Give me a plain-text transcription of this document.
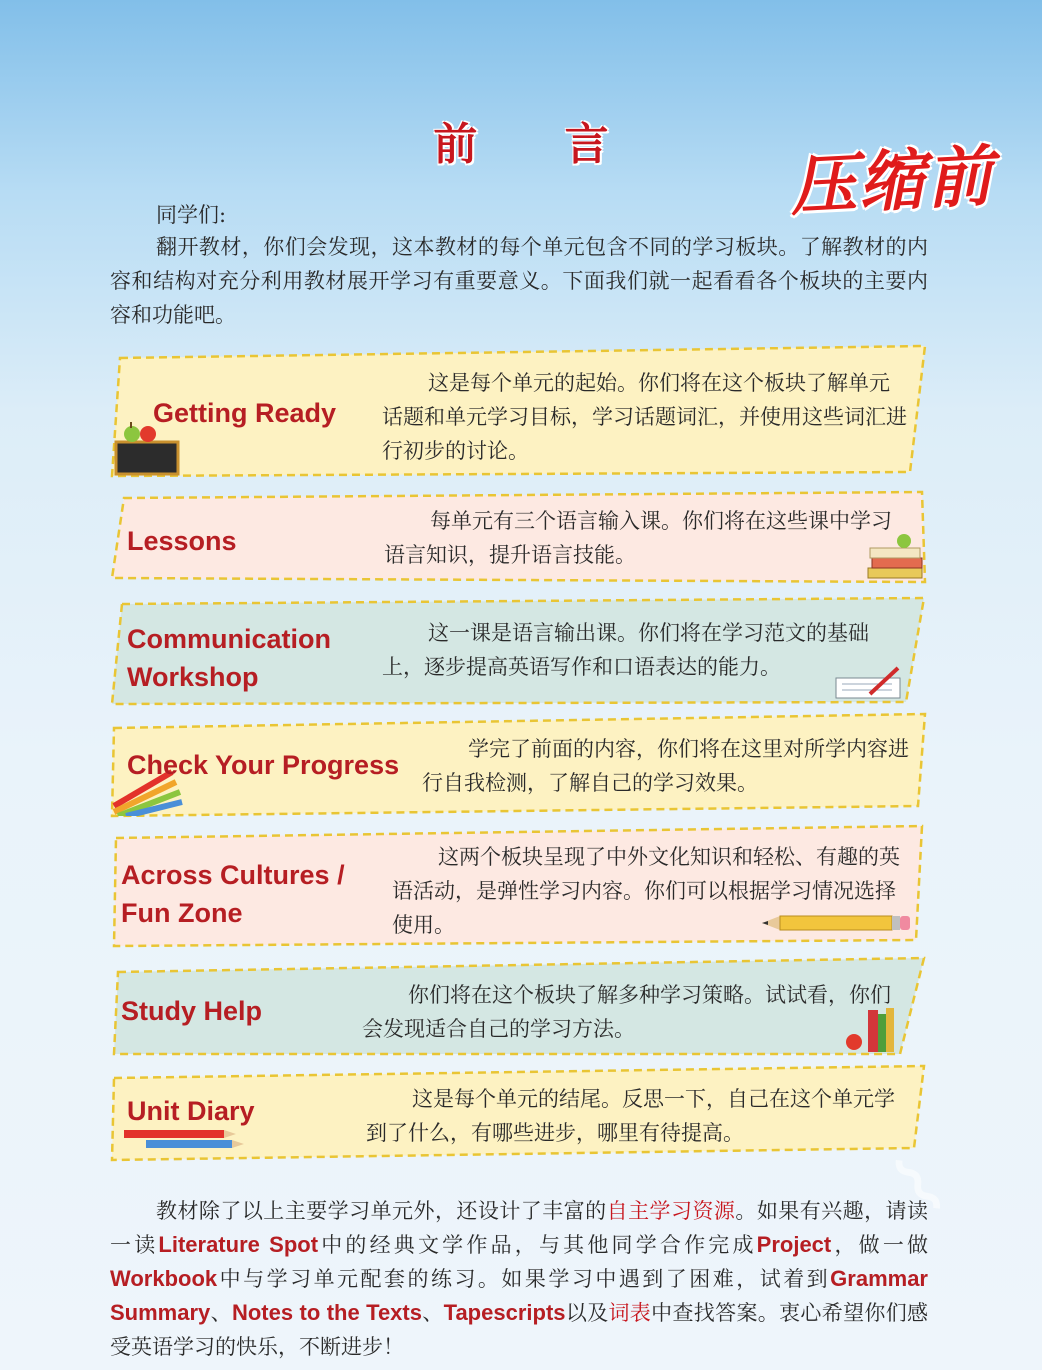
前 言	压缩前
同学们:
翻开教材，你们会发现，这本教材的每个单元包含不同的学习板块。了解教材的内容和结构对充分利用教材展开学习有重要意义。下面我们就一起看看各个板块的主要内容和功能吧。
Getting Ready
这是每个单元的起始。你们将在这个板块了解单元话题和单元学习目标，学习话题词汇，并使用这些词汇进行初步的讨论。
Lessons
每单元有三个语言输入课。你们将在这些课中学习语言知识，提升语言技能。
Communication
Workshop
这一课是语言输出课。你们将在学习范文的基础上，逐步提高英语写作和口语表达的能力。
Check Your Progress
学完了前面的内容，你们将在这里对所学内容进行自我检测，了解自己的学习效果。
Across Cultures /
Fun Zone
这两个板块呈现了中外文化知识和轻松、有趣的英语活动，是弹性学习内容。你们可以根据学习情况选择使用。
Study Help
你们将在这个板块了解多种学习策略。试试看，你们会发现适合自己的学习方法。
Unit Diary	这是每个单元的结尾。反思一下，自己在这个单元学到了什么，有哪些进步，哪里有待提高。
教材除了以上主要学习单元外，还设计了丰富的自主学习资源。如果有兴趣，请读一读Literature Spot中的经典文学作品，与其他同学合作完成Project，做一做Workbook中与学习单元配套的练习。如果学习中遇到了困难，试着到Grammar Summary、Notes to the Texts、Tapescripts以及词表中查找答案。衷心希望你们感受英语学习的快乐，不断进步！
⌇
